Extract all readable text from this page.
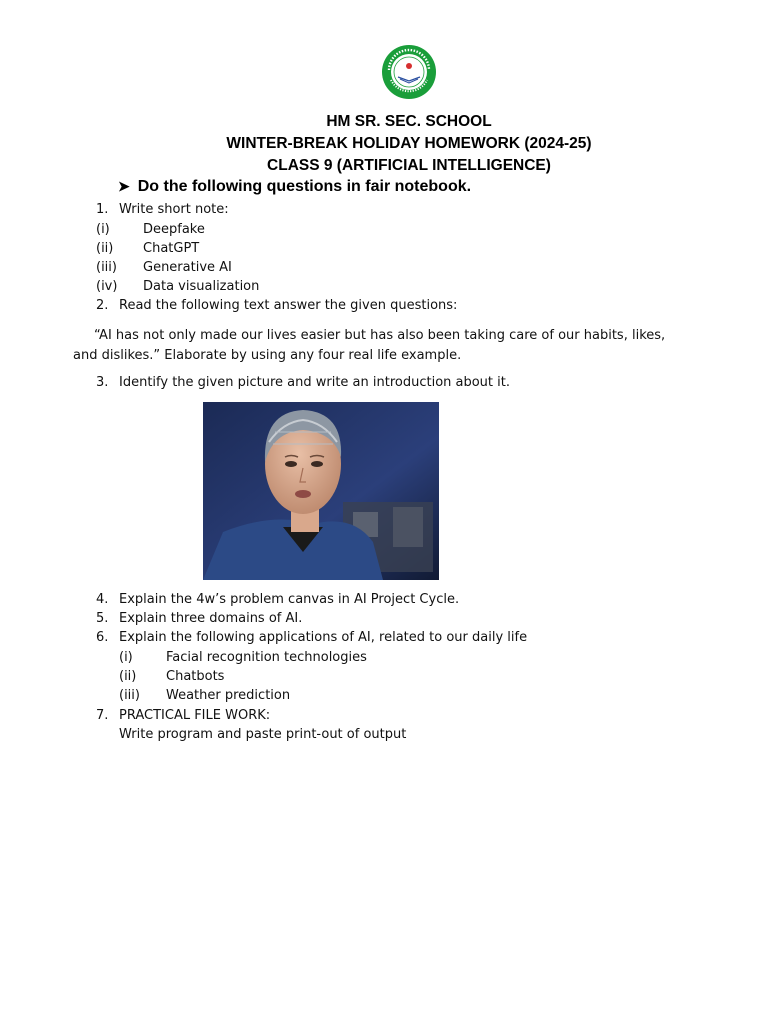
HM SR. SEC. SCHOOL
WINTER-BREAK HOLIDAY HOMEWORK (2024-25)
CLASS 9 (ARTIFICIAL INTELLIGENCE)
➤ Do the following questions in fair notebook.
1. Write short note:
(i)	Deepfake
(ii) ChatGPT
(iii) Generative AI
(iv) Data visualization
2. Read the following text answer the given questions:
“AI has not only made our lives easier but has also been taking care of our habits, likes, and dislikes.” Elaborate by using any four real life example.
3. Identify the given picture and write an introduction about it.
4. Explain the 4w’s problem canvas in AI Project Cycle.
5. Explain three domains of AI.
6. Explain the following applications of AI, related to our daily life
(i)	Facial recognition technologies
(ii) Chatbots
(iii) Weather prediction
7. PRACTICAL FILE WORK:
Write program and paste print-out of output
